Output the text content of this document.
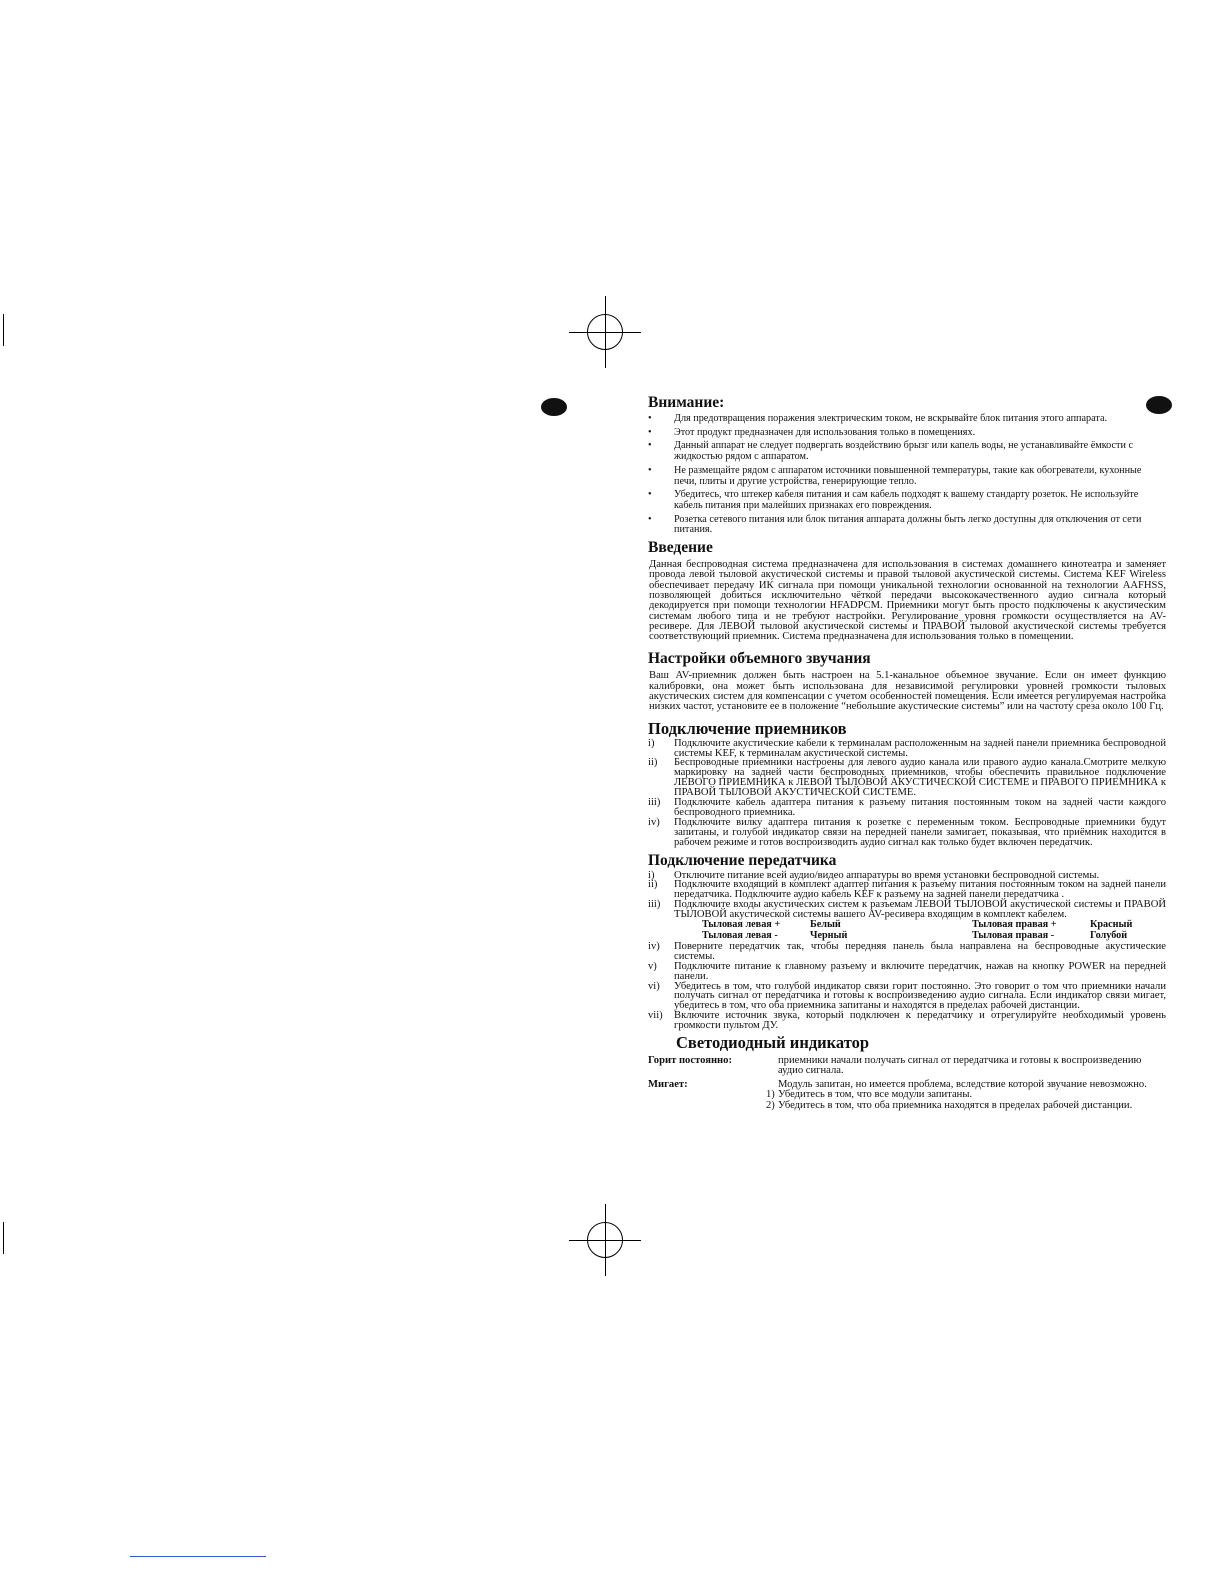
Внимание:
• Для предотвращения поражения электрическим током, не вскрывайте блок питания этого аппарата.
• Этот продукт предназначен для использования только в помещениях.
• Данный аппарат не следует подвергать воздействию брызг или капель воды, не устанавливайте ёмкости с жидкостью рядом с аппаратом.
• Не размещайте рядом с аппаратом источники повышенной температуры, такие как обогреватели, кухонные печи, плиты и другие устройства, генерирующие тепло.
• Убедитесь, что штекер кабеля питания и сам кабель подходят к вашему стандарту розеток. Не используйте кабель питания при малейших признаках его повреждения.
• Розетка сетевого питания или блок питания аппарата должны быть легко доступны для отключения от сети питания.
Введение

Данная беспроводная система предназначена для использования в системах домашнего кинотеатра и заменяет провода левой тыловой акустической системы и правой тыловой акустической системы. Система KEF Wireless обеспечивает передачу ИК сигнала при помощи уникальной технологии основанной на технологии AAFHSS, позволяющей добиться исключительно чёткой передачи высококачественного аудио сигнала который декодируется при помощи технологии HFADPCM. Приемники могут быть просто подключены к акустическим системам любого типа и не требуют настройки. Регулирование уровня громкости осуществляется на AV-ресивере. Для ЛЕВОЙ тыловой акустической системы и ПРАВОЙ тыловой акустической системы требуется соответствующий приемник. Система предназначена для использования только в помещении.

Настройки объемного звучания

Ваш AV-приемник должен быть настроен на 5.1-канальное объемное звучание. Если он имеет функцию калибровки, она может быть использована для независимой регулировки уровней громкости тыловых акустических систем для компенсации с учетом особенностей помещения. Если имеется регулируемая настройка низких частот, установите ее в положение “небольшие акустические системы” или на частоту среза около 100 Гц.

Подключение приемников
i) Подключите акустические кабели к терминалам расположенным на задней панели приемника беспроводной системы KEF, к терминалам акустической системы.
ii) Беспроводные приемники настроены для левого аудио канала или правого аудио канала.Смотрите мелкую маркировку на задней части беспроводных приемников, чтобы обеспечить правильное подключение ЛЕВОГО ПРИЕМНИКА к ЛЕВОЙ ТЫЛОВОЙ АКУСТИЧЕСКОЙ СИСТЕМЕ и ПРАВОГО ПРИЕМНИКА к ПРАВОЙ ТЫЛОВОЙ АКУСТИЧЕСКОЙ СИСТЕМЕ.
iii) Подключите кабель адаптера питания к разъему питания постоянным током на задней части каждого беспроводного приемника.
iv) Подключите вилку адаптера питания к розетке с переменным током. Беспроводные приемники будут запитаны, и голубой индикатор связи на передней панели замигает, показывая, что приёмник находится в рабочем режиме и готов воспроизводить аудио сигнал как только будет включен передатчик.
Подключение передатчика
i) Отключите питание всей аудио/видео аппаратуры во время установки беспроводной системы.
ii) Подключите входящий в комплект адаптер питания к разъему питания постоянным током на задней панели передатчика. Подключите аудио кабель KEF к разъему на задней панели передатчика .
iii) Подключите входы акустических систем к разъемам ЛЕВОЙ ТЫЛОВОЙ акустической системы и ПРАВОЙ ТЫЛОВОЙ акустической системы вашего AV-ресивера входящим в комплект кабелем.
Тыловая левая +	Белый	Тыловая правая +	Красный
Тыловая левая -	Черный	Тыловая правая -	Голубой
iv) Поверните передатчик так, чтобы передняя панель была направлена на беспроводные акустические системы.
v) Подключите питание к главному разъему и включите передатчик, нажав на кнопку POWER на передней панели.
vi) Убедитесь в том, что голубой индикатор связи горит постоянно. Это говорит о том что приемники начали получать сигнал от передатчика и готовы к воспроизведению аудио сигнала. Если индикатор связи мигает, убедитесь в том, что оба приемника запитаны и находятся в пределах рабочей дистанции.
vii) Включите источник звука, который подключен к передатчику и отрегулируйте необходимый уровень громкости пультом ДУ.
Светодиодный индикатор
Горит постоянно:	приемники начали получать сигнал от передатчика и готовы к воспроизведению аудио сигнала.
Мигает:	Модуль запитан, но имеется проблема, вследствие которой звучание невозможно.
1) Убедитесь в том, что все модули запитаны.
2) Убедитесь в том, что оба приемника находятся в пределах рабочей дистанции.
